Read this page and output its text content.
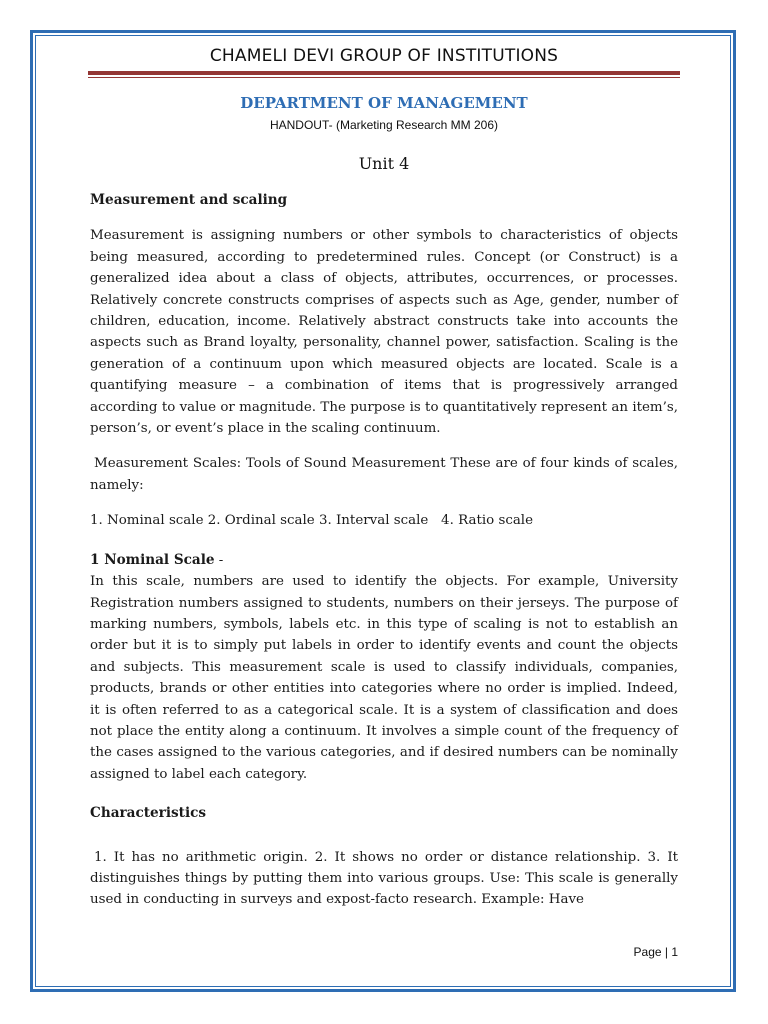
CHAMELI DEVI GROUP OF INSTITUTIONS
DEPARTMENT OF MANAGEMENT
HANDOUT- (Marketing Research MM 206)
Unit 4

Measurement and scaling

Measurement is assigning numbers or other symbols to characteristics of objects being measured, according to predetermined rules. Concept (or Construct) is a generalized idea about a class of objects, attributes, occurrences, or processes. Relatively concrete constructs comprises of aspects such as Age, gender, number of children, education, income. Relatively abstract constructs take into accounts the aspects such as Brand loyalty, personality, channel power, satisfaction. Scaling is the generation of a continuum upon which measured objects are located. Scale is a quantifying measure – a combination of items that is progressively arranged according to value or magnitude. The purpose is to quantitatively represent an item’s, person’s, or event’s place in the scaling continuum.

Measurement Scales: Tools of Sound Measurement These are of four kinds of scales, namely:

1. Nominal scale 2. Ordinal scale 3. Interval scale   4. Ratio scale

1 Nominal Scale -

In this scale, numbers are used to identify the objects. For example, University Registration numbers assigned to students, numbers on their jerseys. The purpose of marking numbers, symbols, labels etc. in this type of scaling is not to establish an order but it is to simply put labels in order to identify events and count the objects and subjects. This measurement scale is used to classify individuals, companies, products, brands or other entities into categories where no order is implied. Indeed, it is often referred to as a categorical scale. It is a system of classification and does not place the entity along a continuum. It involves a simple count of the frequency of the cases assigned to the various categories, and if desired numbers can be nominally assigned to label each category.

Characteristics

1. It has no arithmetic origin. 2. It shows no order or distance relationship. 3. It distinguishes things by putting them into various groups. Use: This scale is generally used in conducting in surveys and expost-facto research. Example: Have

Page | 1
